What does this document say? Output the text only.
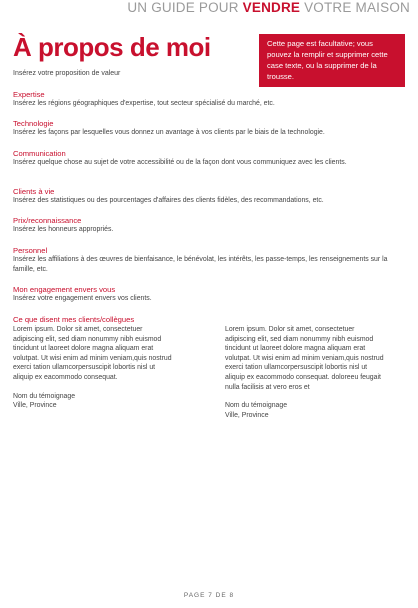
UN GUIDE POUR VENDRE VOTRE MAISON
À propos de moi
Insérez votre proposition de valeur
Cette page est facultative; vous pouvez la remplir et supprimer cette case texte, ou la supprimer de la trousse.
Expertise
Insérez les régions géographiques d'expertise, tout secteur spécialisé du marché, etc.
Technologie
Insérez les façons par lesquelles vous donnez un avantage à vos clients par le biais de la technologie.
Communication
Insérez quelque chose au sujet de votre accessibilité ou de la façon dont vous communiquez avec les clients.
Clients à vie
Insérez des statistiques ou des pourcentages d'affaires des clients fidèles, des recommandations, etc.
Prix/reconnaissance
Insérez les honneurs appropriés.
Personnel
Insérez les affiliations à des œuvres de bienfaisance, le bénévolat, les intérêts, les passe-temps, les renseignements sur la famille, etc.
Mon engagement envers vous
Insérez votre engagement envers vos clients.
Ce que disent mes clients/collègues
Lorem ipsum. Dolor sit amet, consectetuer adipiscing elit, sed diam nonummy nibh euismod tincidunt ut laoreet dolore magna aliquam erat volutpat. Ut wisi enim ad minim veniam,quis nostrud exerci tation ullamcorpersuscipit lobortis nisl ut aliquip ex eacommodo consequat.
Nom du témoignage
Ville, Province
Lorem ipsum. Dolor sit amet, consectetuer adipiscing elit, sed diam nonummy nibh euismod tincidunt ut laoreet dolore magna aliquam erat volutpat. Ut wisi enim ad minim veniam,quis nostrud exerci tation ullamcorpersuscipit lobortis nisl ut aliquip ex eacommodo consequat. doloreeu feugait nulla facilisis at vero eros et
Nom du témoignage
Ville, Province
PAGE 7 DE 8
